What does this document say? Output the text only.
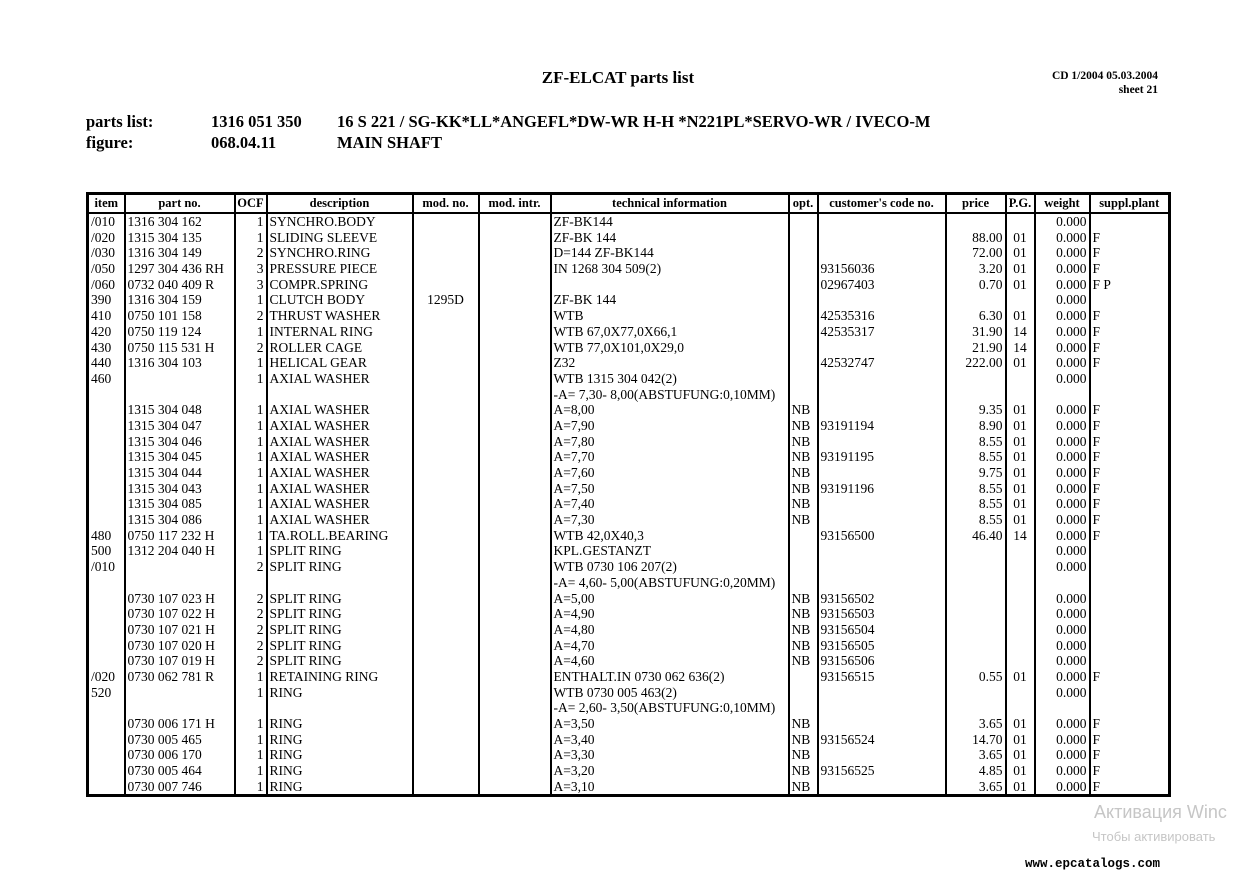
ZF-ELCAT parts list	CD 1/2004 05.03.2004
sheet 21
parts list:	1316 051 350	16 S 221 / SG-KK*LL*ANGEFL*DW-WR H-H *N221PL*SERVO-WR / IVECO-M
figure:	068.04.11	MAIN SHAFT
item	part no.	OCF	description	mod. no.	mod. intr.	technical information	opt.	customer's code no.	price	P.G.	weight	suppl.plant
/010	1316 304 162	1	SYNCHRO.BODY			ZF-BK144					0.000	
/020	1315 304 135	1	SLIDING SLEEVE			ZF-BK 144			88.00	01	0.000	F
/030	1316 304 149	2	SYNCHRO.RING			D=144 ZF-BK144			72.00	01	0.000	F
/050	1297 304 436 RH	3	PRESSURE PIECE			IN 1268 304 509(2)		93156036	3.20	01	0.000	F
/060	0732 040 409 R	3	COMPR.SPRING					02967403	0.70	01	0.000	F P
390	1316 304 159	1	CLUTCH BODY	1295D		ZF-BK 144					0.000	
410	0750 101 158	2	THRUST WASHER			WTB		42535316	6.30	01	0.000	F
420	0750 119 124	1	INTERNAL RING			WTB 67,0X77,0X66,1		42535317	31.90	14	0.000	F
430	0750 115 531 H	2	ROLLER CAGE			WTB 77,0X101,0X29,0			21.90	14	0.000	F
440	1316 304 103	1	HELICAL GEAR			Z32		42532747	222.00	01	0.000	F
460		1	AXIAL WASHER			WTB 1315 304 042(2)					0.000	
						-A= 7,30- 8,00(ABSTUFUNG:0,10MM)						
	1315 304 048	1	AXIAL WASHER			A=8,00	NB		9.35	01	0.000	F
	1315 304 047	1	AXIAL WASHER			A=7,90	NB	93191194	8.90	01	0.000	F
	1315 304 046	1	AXIAL WASHER			A=7,80	NB		8.55	01	0.000	F
	1315 304 045	1	AXIAL WASHER			A=7,70	NB	93191195	8.55	01	0.000	F
	1315 304 044	1	AXIAL WASHER			A=7,60	NB		9.75	01	0.000	F
	1315 304 043	1	AXIAL WASHER			A=7,50	NB	93191196	8.55	01	0.000	F
	1315 304 085	1	AXIAL WASHER			A=7,40	NB		8.55	01	0.000	F
	1315 304 086	1	AXIAL WASHER			A=7,30	NB		8.55	01	0.000	F
480	0750 117 232 H	1	TA.ROLL.BEARING			WTB 42,0X40,3		93156500	46.40	14	0.000	F
500	1312 204 040 H	1	SPLIT RING			KPL.GESTANZT					0.000	
/010		2	SPLIT RING			WTB 0730 106 207(2)					0.000	
						-A= 4,60- 5,00(ABSTUFUNG:0,20MM)						
	0730 107 023 H	2	SPLIT RING			A=5,00	NB	93156502			0.000	
	0730 107 022 H	2	SPLIT RING			A=4,90	NB	93156503			0.000	
	0730 107 021 H	2	SPLIT RING			A=4,80	NB	93156504			0.000	
	0730 107 020 H	2	SPLIT RING			A=4,70	NB	93156505			0.000	
	0730 107 019 H	2	SPLIT RING			A=4,60	NB	93156506			0.000	
/020	0730 062 781 R	1	RETAINING RING			ENTHALT.IN 0730 062 636(2)		93156515	0.55	01	0.000	F
520		1	RING			WTB 0730 005 463(2)					0.000	
						-A= 2,60- 3,50(ABSTUFUNG:0,10MM)						
	0730 006 171 H	1	RING			A=3,50	NB		3.65	01	0.000	F
	0730 005 465	1	RING			A=3,40	NB	93156524	14.70	01	0.000	F
	0730 006 170	1	RING			A=3,30	NB		3.65	01	0.000	F
	0730 005 464	1	RING			A=3,20	NB	93156525	4.85	01	0.000	F
	0730 007 746	1	RING			A=3,10	NB		3.65	01	0.000	F
Активация Winc
Чтобы активировать
www.epcatalogs.com
